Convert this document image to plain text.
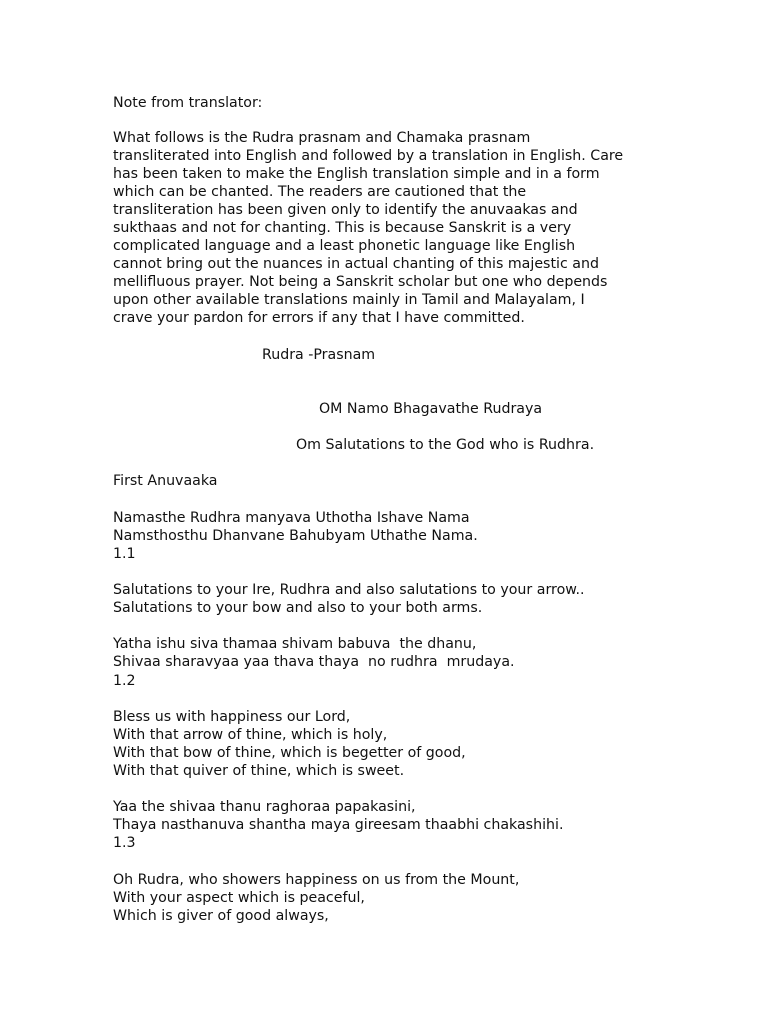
Note from translator:

What follows is the Rudra prasnam and Chamaka prasnam

transliterated into English and followed by a translation in English. Care

has been taken to make the English translation simple and in a form

which can be chanted. The readers are cautioned that the

transliteration has been given only to identify the anuvaakas and

sukthaas and not for chanting. This is because Sanskrit is a very

complicated language and a least phonetic language like English

cannot bring out the nuances in actual chanting of this majestic and

mellifluous prayer. Not being a Sanskrit scholar but one who depends

upon other available translations mainly in Tamil and Malayalam, I

crave your pardon for errors if any that I have committed.

Rudra -Prasnam

OM Namo Bhagavathe Rudraya

Om Salutations to the God who is Rudhra.

First Anuvaaka

Namasthe Rudhra manyava Uthotha Ishave Nama

Namsthosthu Dhanvane Bahubyam Uthathe Nama.

1.1

Salutations to your Ire, Rudhra and also salutations to your arrow..

Salutations to your bow and also to your both arms.

Yatha ishu siva thamaa shivam babuva  the dhanu,

Shivaa sharavyaa yaa thava thaya  no rudhra  mrudaya.

1.2

Bless us with happiness our Lord,

With that arrow of thine, which is holy,

With that bow of thine, which is begetter of good,

With that quiver of thine, which is sweet.

Yaa the shivaa thanu raghoraa papakasini,

Thaya nasthanuva shantha maya gireesam thaabhi chakashihi.

1.3

Oh Rudra, who showers happiness on us from the Mount,

With your aspect which is peaceful,

Which is giver of good always,
